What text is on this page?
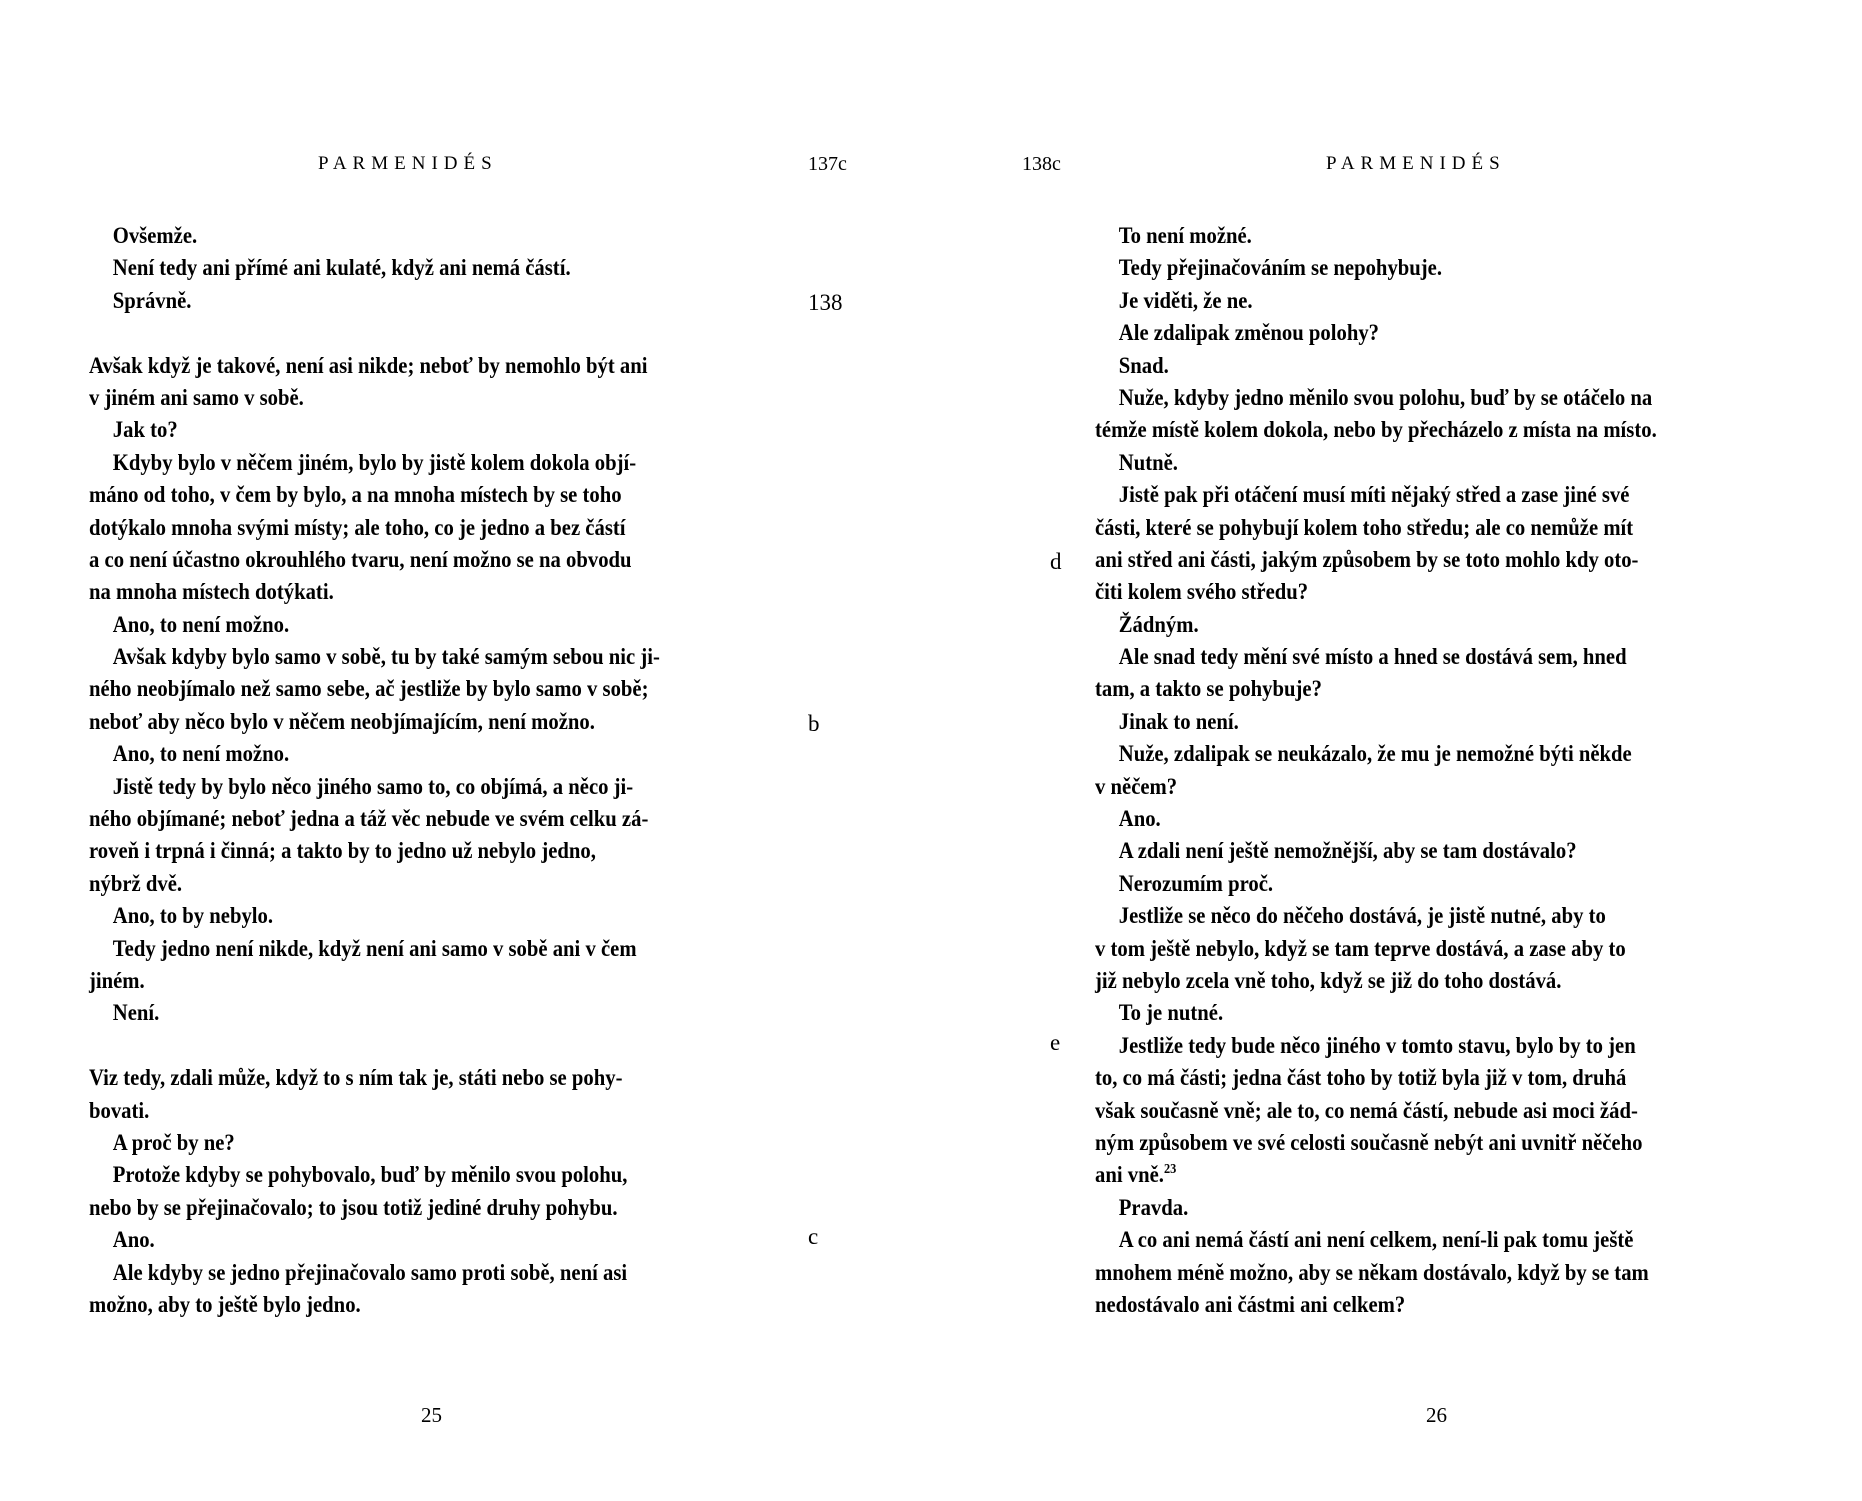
PARMENIDÉS	137c	138c	PARMENIDÉS
Ovšemže.
Není tedy ani přímé ani kulaté, když ani nemá částí.
Správně.
Avšak když je takové, není asi nikde; neboť by nemohlo být ani
v jiném ani samo v sobě.
Jak to?
Kdyby bylo v něčem jiném, bylo by jistě kolem dokola objí-
máno od toho, v čem by bylo, a na mnoha místech by se toho
dotýkalo mnoha svými místy; ale toho, co je jedno a bez částí
a co není účastno okrouhlého tvaru, není možno se na obvodu
na mnoha místech dotýkati.
Ano, to není možno.
Avšak kdyby bylo samo v sobě, tu by také samým sebou nic ji-
ného neobjímalo než samo sebe, ač jestliže by bylo samo v sobě;
neboť aby něco bylo v něčem neobjímajícím, není možno.
Ano, to není možno.
Jistě tedy by bylo něco jiného samo to, co objímá, a něco ji-
ného objímané; neboť jedna a táž věc nebude ve svém celku zá-
roveň i trpná i činná; a takto by to jedno už nebylo jedno,
nýbrž dvě.
Ano, to by nebylo.
Tedy jedno není nikde, když není ani samo v sobě ani v čem
jiném.
Není.
Viz tedy, zdali může, když to s ním tak je, státi nebo se pohy-
bovati.
A proč by ne?
Protože kdyby se pohybovalo, buď by měnilo svou polohu,
nebo by se přejinačovalo; to jsou totiž jediné druhy pohybu.
Ano.
Ale kdyby se jedno přejinačovalo samo proti sobě, není asi
možno, aby to ještě bylo jedno.
138
b
c
To není možné.
Tedy přejinačováním se nepohybuje.
Je viděti, že ne.
Ale zdalipak změnou polohy?
Snad.
Nuže, kdyby jedno měnilo svou polohu, buď by se otáčelo na
témže místě kolem dokola, nebo by přecházelo z místa na místo.
Nutně.
Jistě pak při otáčení musí míti nějaký střed a zase jiné své
části, které se pohybují kolem toho středu; ale co nemůže mít
ani střed ani části, jakým způsobem by se toto mohlo kdy oto-
čiti kolem svého středu?
Žádným.
Ale snad tedy mění své místo a hned se dostává sem, hned
tam, a takto se pohybuje?
Jinak to není.
Nuže, zdalipak se neukázalo, že mu je nemožné býti někde
v něčem?
Ano.
A zdali není ještě nemožnější, aby se tam dostávalo?
Nerozumím proč.
Jestliže se něco do něčeho dostává, je jistě nutné, aby to
v tom ještě nebylo, když se tam teprve dostává, a zase aby to
již nebylo zcela vně toho, když se již do toho dostává.
To je nutné.
Jestliže tedy bude něco jiného v tomto stavu, bylo by to jen
to, co má části; jedna část toho by totiž byla již v tom, druhá
však současně vně; ale to, co nemá částí, nebude asi moci žád-
ným způsobem ve své celosti současně nebýt ani uvnitř něčeho
ani vně.$^{23}$
Pravda.
A co ani nemá částí ani není celkem, není-li pak tomu ještě
mnohem méně možno, aby se někam dostávalo, když by se tam
nedostávalo ani částmi ani celkem?
d
e
25	26
